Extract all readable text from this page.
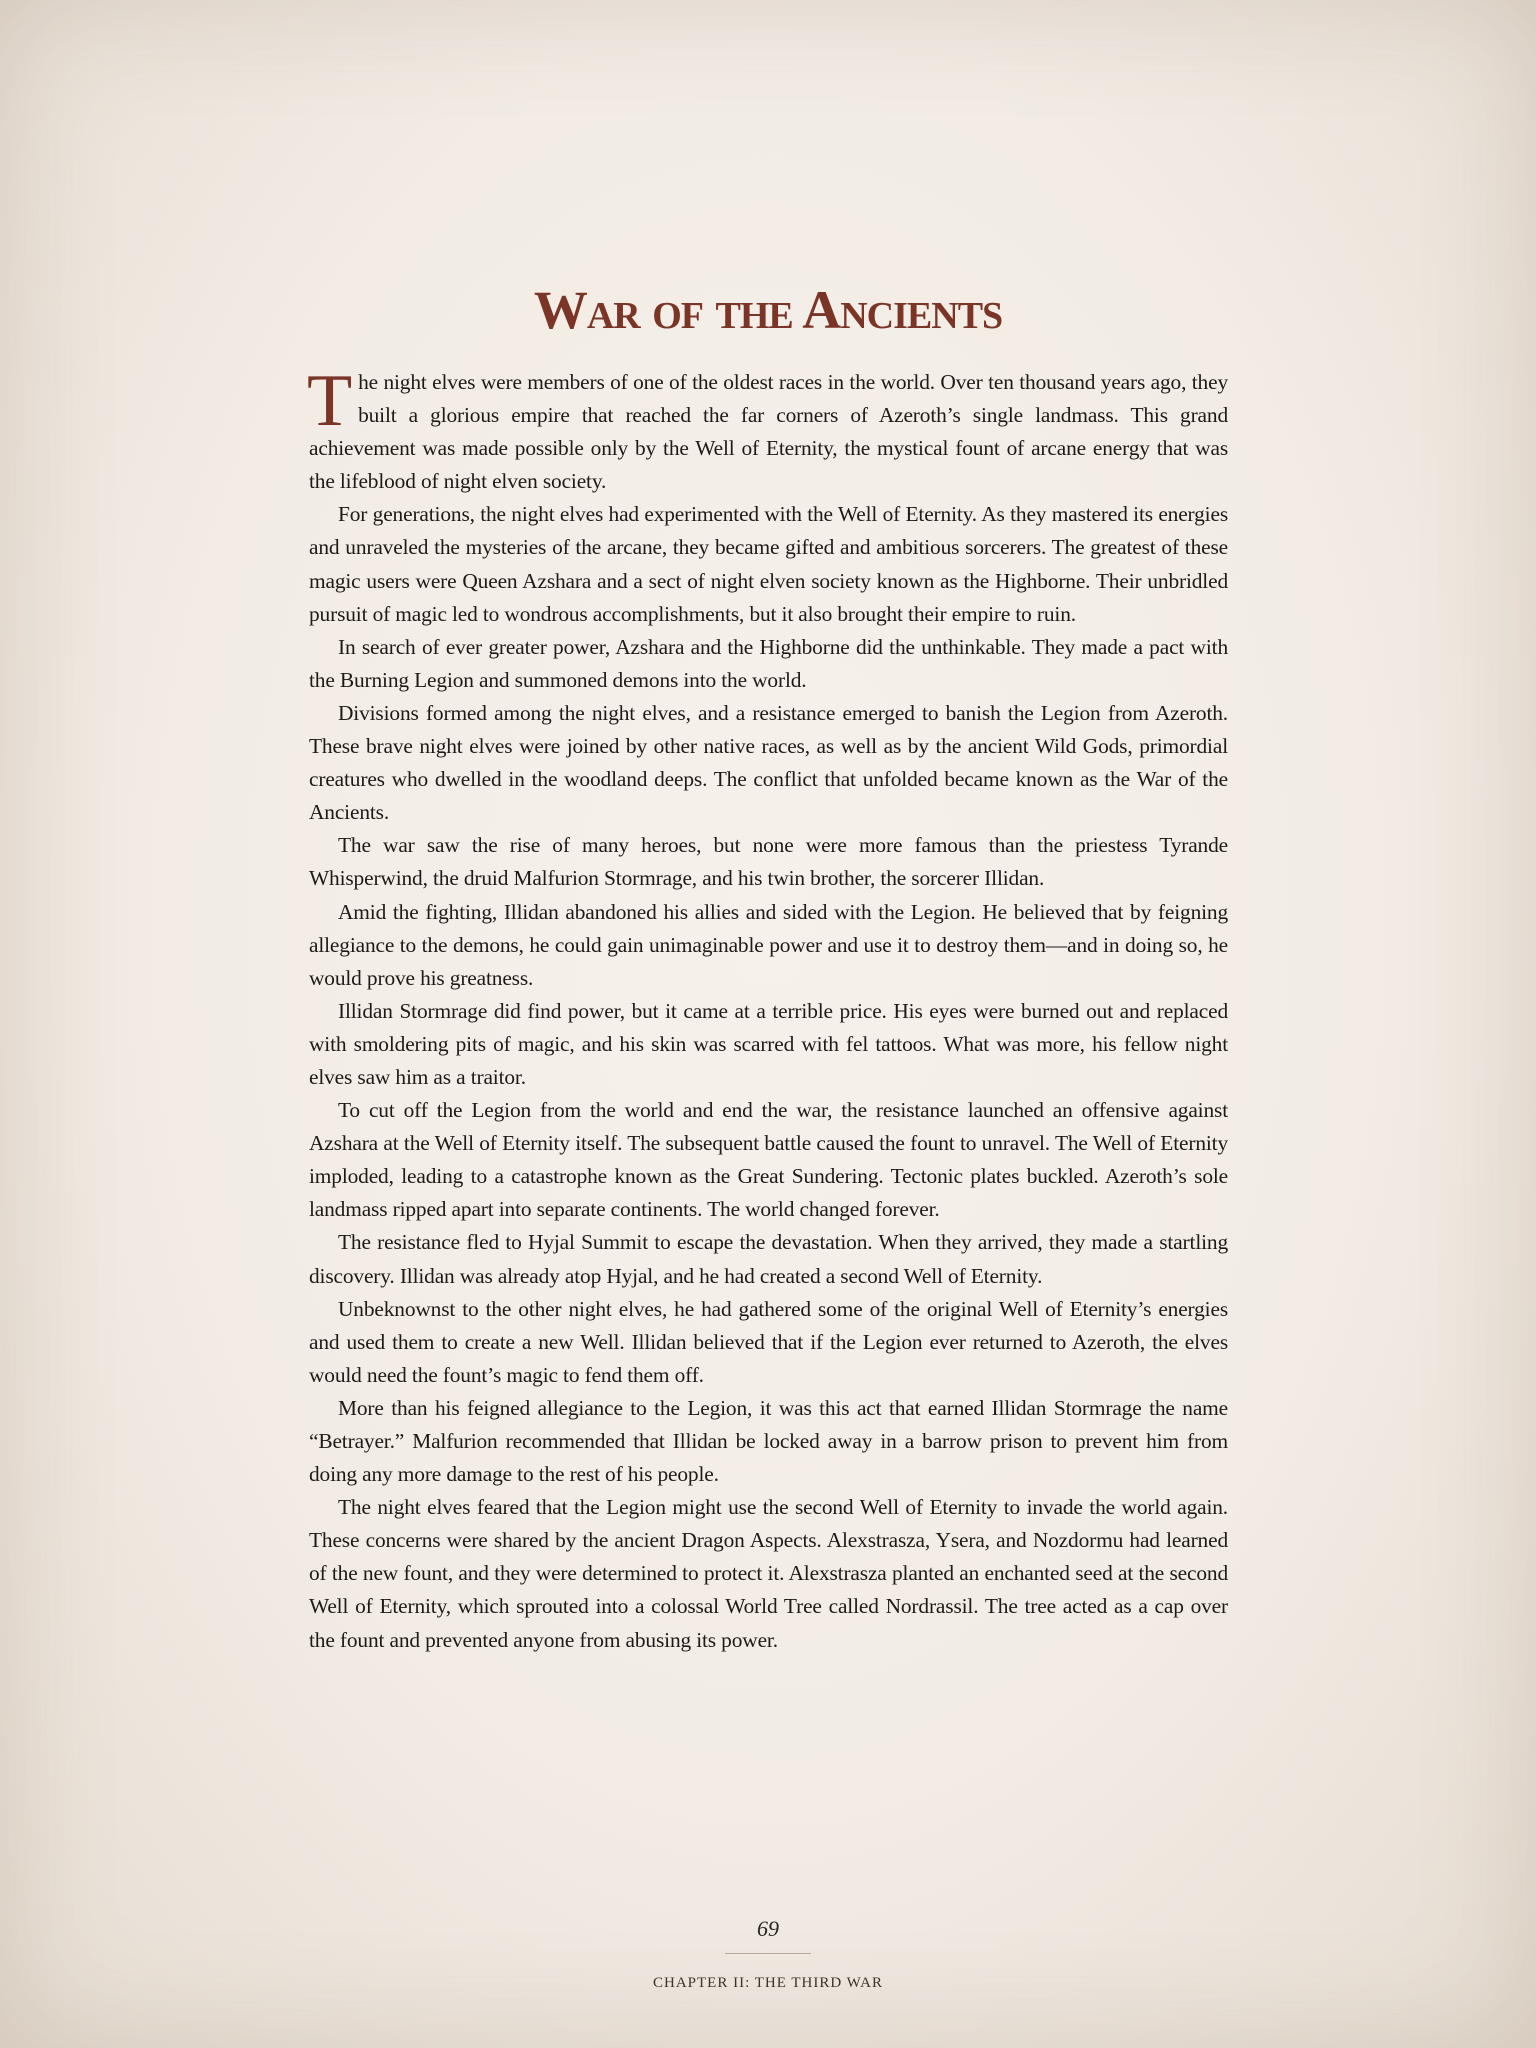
War of the Ancients

The night elves were members of one of the oldest races in the world. Over ten thousand years ago, they built a glorious empire that reached the far corners of Azeroth’s single landmass. This grand achievement was made possible only by the Well of Eternity, the mystical fount of arcane energy that was the lifeblood of night elven society.

For generations, the night elves had experimented with the Well of Eternity. As they mastered its energies and unraveled the mysteries of the arcane, they became gifted and ambitious sorcerers. The greatest of these magic users were Queen Azshara and a sect of night elven society known as the Highborne. Their unbridled pursuit of magic led to wondrous accomplishments, but it also brought their empire to ruin.

In search of ever greater power, Azshara and the Highborne did the unthinkable. They made a pact with the Burning Legion and summoned demons into the world.

Divisions formed among the night elves, and a resistance emerged to banish the Legion from Azeroth. These brave night elves were joined by other native races, as well as by the ancient Wild Gods, primordial creatures who dwelled in the woodland deeps. The conflict that unfolded became known as the War of the Ancients.

The war saw the rise of many heroes, but none were more famous than the priestess Tyrande Whisperwind, the druid Malfurion Stormrage, and his twin brother, the sorcerer Illidan.

Amid the fighting, Illidan abandoned his allies and sided with the Legion. He believed that by feigning allegiance to the demons, he could gain unimaginable power and use it to destroy them—and in doing so, he would prove his greatness.

Illidan Stormrage did find power, but it came at a terrible price. His eyes were burned out and replaced with smoldering pits of magic, and his skin was scarred with fel tattoos. What was more, his fellow night elves saw him as a traitor.

To cut off the Legion from the world and end the war, the resistance launched an offensive against Azshara at the Well of Eternity itself. The subsequent battle caused the fount to unravel. The Well of Eternity imploded, leading to a catastrophe known as the Great Sundering. Tectonic plates buckled. Azeroth’s sole landmass ripped apart into separate continents. The world changed forever.

The resistance fled to Hyjal Summit to escape the devastation. When they arrived, they made a startling discovery. Illidan was already atop Hyjal, and he had created a second Well of Eternity.

Unbeknownst to the other night elves, he had gathered some of the original Well of Eternity’s energies and used them to create a new Well. Illidan believed that if the Legion ever returned to Azeroth, the elves would need the fount’s magic to fend them off.

More than his feigned allegiance to the Legion, it was this act that earned Illidan Stormrage the name “Betrayer.” Malfurion recommended that Illidan be locked away in a barrow prison to prevent him from doing any more damage to the rest of his people.

The night elves feared that the Legion might use the second Well of Eternity to invade the world again. These concerns were shared by the ancient Dragon Aspects. Alexstrasza, Ysera, and Nozdormu had learned of the new fount, and they were determined to protect it. Alexstrasza planted an enchanted seed at the second Well of Eternity, which sprouted into a colossal World Tree called Nordrassil. The tree acted as a cap over the fount and prevented anyone from abusing its power.

69
CHAPTER II: THE THIRD WAR
